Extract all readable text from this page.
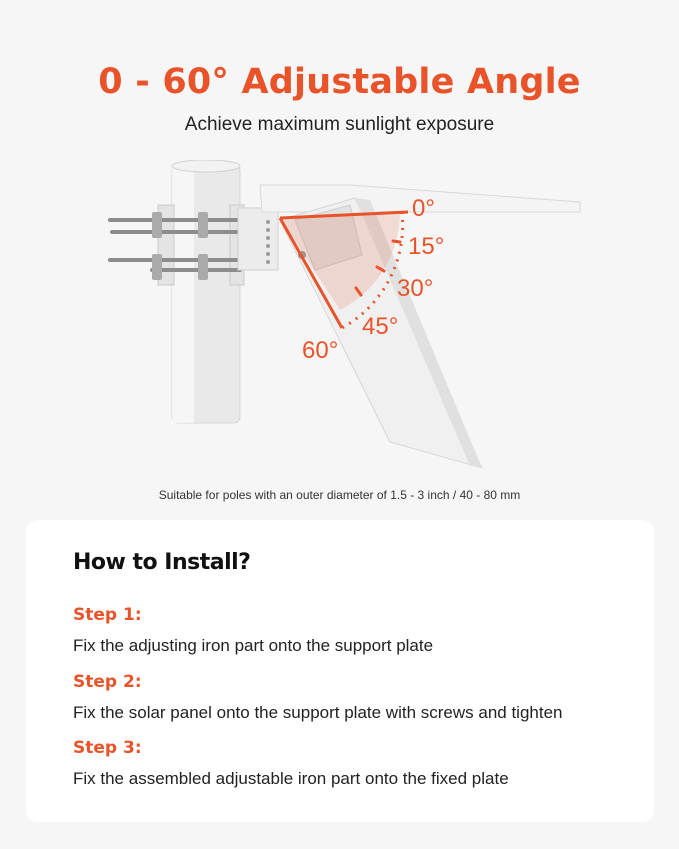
0 - 60° Adjustable Angle
Achieve maximum sunlight exposure
0°
15°
30°
45°
60°
Suitable for poles with an outer diameter of 1.5 - 3 inch / 40 - 80 mm
How to Install?
Step 1:
Fix the adjusting iron part onto the support plate
Step 2:
Fix the solar panel onto the support plate with screws and tighten
Step 3:
Fix the assembled adjustable iron part onto the fixed plate
